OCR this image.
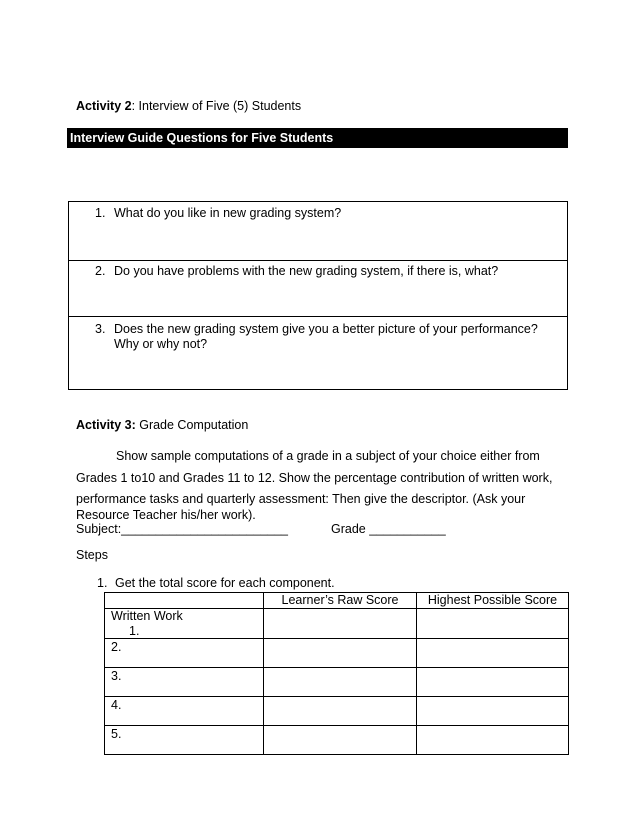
Activity 2: Interview of Five (5) Students
Interview Guide Questions for Five Students
1. What do you like in new grading system?
2. Do you have problems with the new grading system, if there is, what?
3. Does the new grading system give you a better picture of your performance?
Why or why not?
Activity 3: Grade Computation
Show sample computations of a grade in a subject of your choice either from
Grades 1 to10 and Grades 11 to 12. Show the percentage contribution of written work,
performance tasks and quarterly assessment: Then give the descriptor. (Ask your
Resource Teacher his/her work).
Subject:________________________	Grade ___________
Steps
1. Get the total score for each component.
	Learner’s Raw Score	Highest Possible Score

Written Work
1.		

2.		
3.		
4.		
5.		
